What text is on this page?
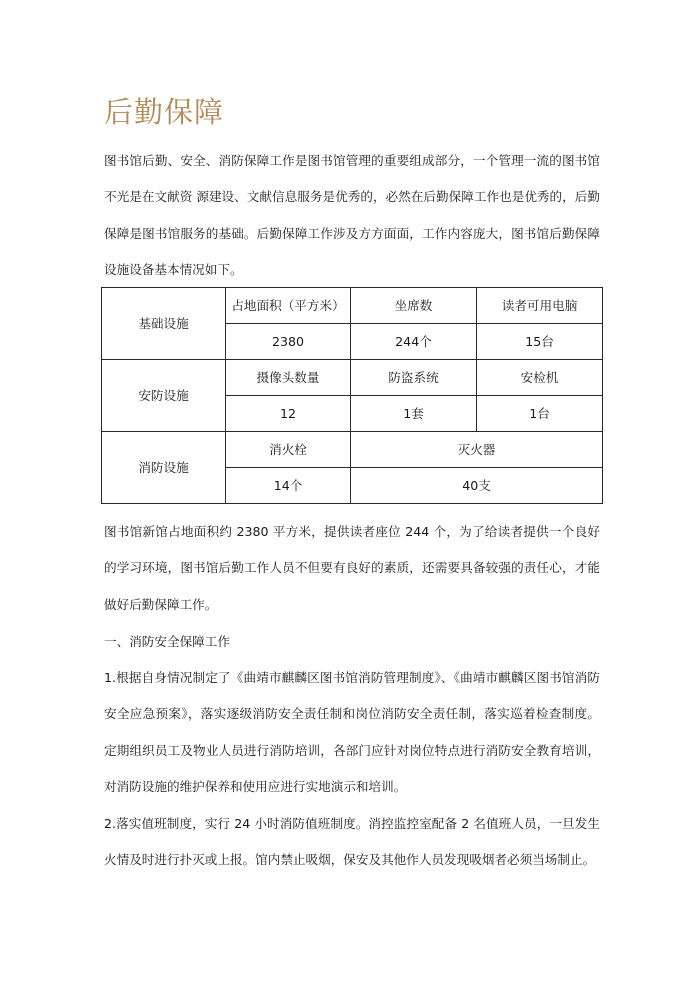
后勤保障

图书馆后勤、安全、消防保障工作是图书馆管理的重要组成部分，一个管理一流的图书馆不光是在文献资 源建设、文献信息服务是优秀的，必然在后勤保障工作也是优秀的，后勤保障是图书馆服务的基础。后勤保障工作涉及方方面面，工作内容庞大，图书馆后勤保障设施设备基本情况如下。

基础设施	占地面积（平方米）	坐席数	读者可用电脑
	2380	244个	15台
安防设施	摄像头数量	防盗系统	安检机
	12	1套	1台
消防设施	消火栓	灭火器	
	14个	40支	

图书馆新馆占地面积约 2380 平方米，提供读者座位 244 个，为了给读者提供一个良好的学习环境，图书馆后勤工作人员不但要有良好的素质，还需要具备较强的责任心，才能做好后勤保障工作。

一、消防安全保障工作

1.根据自身情况制定了《曲靖市麒麟区图书馆消防管理制度》、《曲靖市麒麟区图书馆消防安全应急预案》，落实逐级消防安全责任制和岗位消防安全责任制，落实巡着检查制度。定期组织员工及物业人员进行消防培训，各部门应针对岗位特点进行消防安全教育培训，对消防设施的维护保养和使用应进行实地演示和培训。

2.落实值班制度，实行 24 小时消防值班制度。消控监控室配备 2 名值班人员，一旦发生火情及时进行扑灭或上报。馆内禁止吸烟，保安及其他作人员发现吸烟者必须当场制止。
